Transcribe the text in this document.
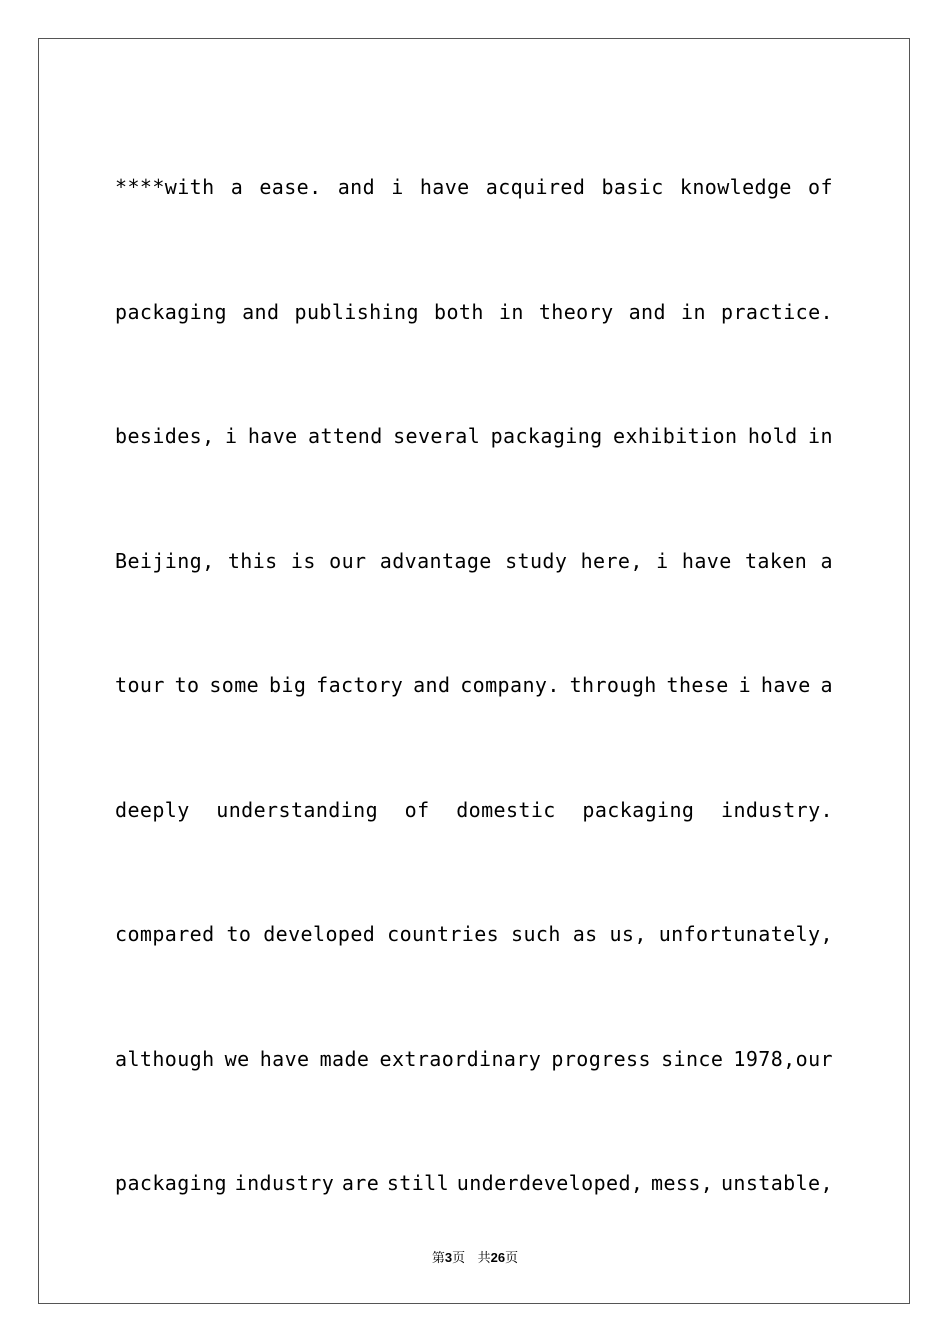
****with a ease. and i have acquired basic knowledge of
packaging and publishing both in theory and in practice.
besides, i have attend several packaging exhibition hold in
Beijing, this is our advantage study here, i have taken a
tour to some big factory and company. through these i have a
deeply understanding of domestic packaging industry.
compared to developed countries such as us, unfortunately,
although we have made extraordinary progress since 1978,our
packaging industry are still underdeveloped, mess, unstable,
第3页 共26页
